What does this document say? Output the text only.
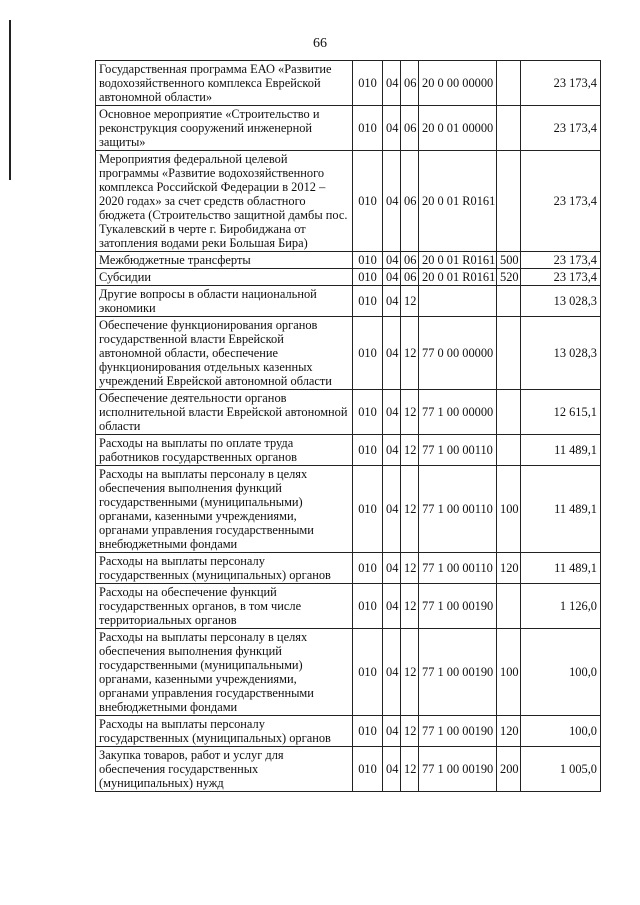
66
Государственная программа ЕАО «Развитие водохозяйственного комплекса Еврейской автономной области»	010	04	06	20 0 00 00000		23 173,4
Основное мероприятие «Строительство и реконструкция сооружений инженерной защиты»	010	04	06	20 0 01 00000		23 173,4
Мероприятия федеральной целевой программы «Развитие водохозяйственного комплекса Российской Федерации в 2012 – 2020 годах» за счет средств областного бюджета (Строительство защитной дамбы пос. Тукалевский в черте г. Биробиджана от затопления водами реки Большая Бира)	010	04	06	20 0 01 R0161		23 173,4
Межбюджетные трансферты	010	04	06	20 0 01 R0161	500	23 173,4
Субсидии	010	04	06	20 0 01 R0161	520	23 173,4
Другие вопросы в области национальной экономики	010	04	12			13 028,3
Обеспечение функционирования органов государственной власти Еврейской автономной области, обеспечение функционирования отдельных казенных учреждений Еврейской автономной области	010	04	12	77 0 00 00000		13 028,3
Обеспечение деятельности органов исполнительной власти Еврейской автономной области	010	04	12	77 1 00 00000		12 615,1
Расходы на выплаты по оплате труда работников государственных органов	010	04	12	77 1 00 00110		11 489,1
Расходы на выплаты персоналу в целях обеспечения выполнения функций государственными (муниципальными) органами, казенными учреждениями, органами управления государственными внебюджетными фондами	010	04	12	77 1 00 00110	100	11 489,1
Расходы на выплаты персоналу государственных (муниципальных) органов	010	04	12	77 1 00 00110	120	11 489,1
Расходы на обеспечение функций государственных органов, в том числе территориальных органов	010	04	12	77 1 00 00190		1 126,0
Расходы на выплаты персоналу в целях обеспечения выполнения функций государственными (муниципальными) органами, казенными учреждениями, органами управления государственными внебюджетными фондами	010	04	12	77 1 00 00190	100	100,0
Расходы на выплаты персоналу государственных (муниципальных) органов	010	04	12	77 1 00 00190	120	100,0
Закупка товаров, работ и услуг для обеспечения государственных (муниципальных) нужд	010	04	12	77 1 00 00190	200	1 005,0
